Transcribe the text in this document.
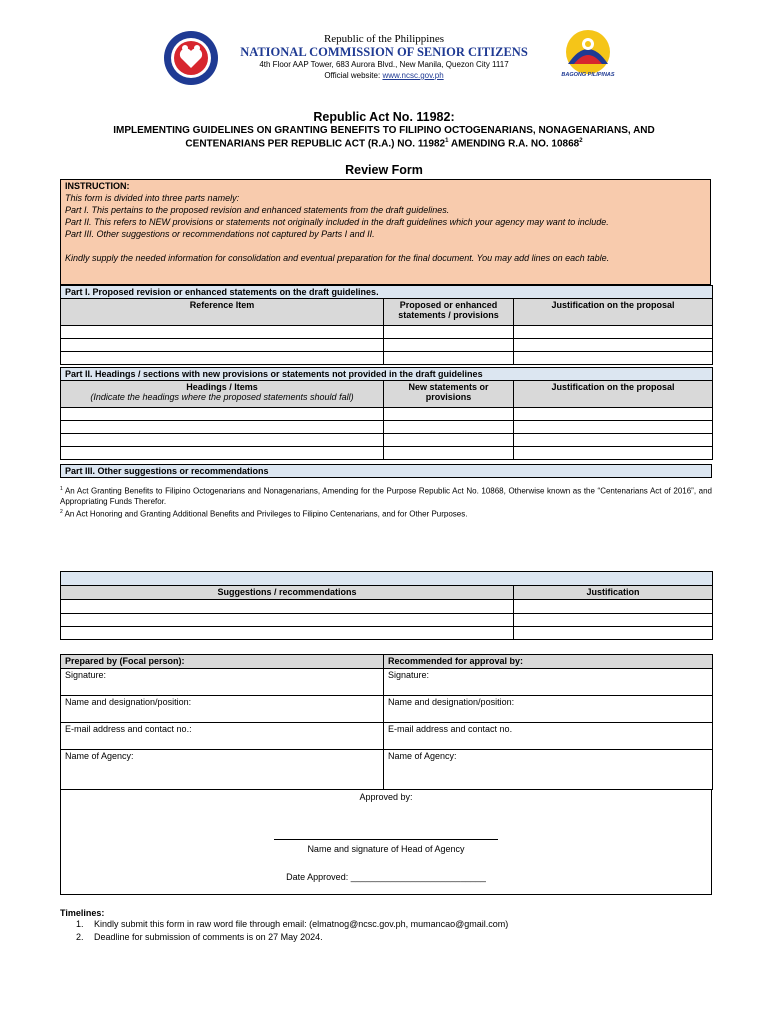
Republic of the Philippines
NATIONAL COMMISSION OF SENIOR CITIZENS
4th Floor AAP Tower, 683 Aurora Blvd., New Manila, Quezon City 1117
Official website: www.ncsc.gov.ph	BAGONG PILIPINAS
Republic Act No. 11982:
IMPLEMENTING GUIDELINES ON GRANTING BENEFITS TO FILIPINO OCTOGENARIANS, NONAGENARIANS, AND
CENTENARIANS PER REPUBLIC ACT (R.A.) NO. 11982$^1$ AMENDING R.A. NO. 10868$^2$
Review Form
INSTRUCTION:
This form is divided into three parts namely:
Part I. This pertains to the proposed revision and enhanced statements from the draft guidelines.
Part II. This refers to NEW provisions or statements not originally included in the draft guidelines which your agency may want to include.
Part III. Other suggestions or recommendations not captured by Parts I and II.
Kindly supply the needed information for consolidation and eventual preparation for the final document. You may add lines on each table.
Part I. Proposed revision or enhanced statements on the draft guidelines.		
Reference Item	Proposed or enhanced statements / provisions	Justification on the proposal

Part II. Headings / sections with new provisions or statements not provided in the draft guidelines		

Headings / Items
(Indicate the headings where the proposed statements should fall)	New statements or provisions	Justification on the proposal

Part III. Other suggestions or recommendations
$^1$ An Act Granting Benefits to Filipino Octogenarians and Nonagenarians, Amending for the Purpose Republic Act No. 10868, Otherwise known as the “Centenarians Act of 2016”, and Appropriating Funds Therefor.
$^2$ An Act Honoring and Granting Additional Benefits and Privileges to Filipino Centenarians, and for Other Purposes.

Suggestions / recommendations	Justification

Prepared by (Focal person):	Recommended for approval by:
Signature:	Signature:
Name and designation/position:	Name and designation/position:
E-mail address and contact no.:	E-mail address and contact no.
Name of Agency:	Name of Agency:
Approved by:
Name and signature of Head of Agency
Date Approved: ___________________________
Timelines:
1. Kindly submit this form in raw word file through email: (elmatnog@ncsc.gov.ph, mumancao@gmail.com)
2. Deadline for submission of comments is on 27 May 2024.
